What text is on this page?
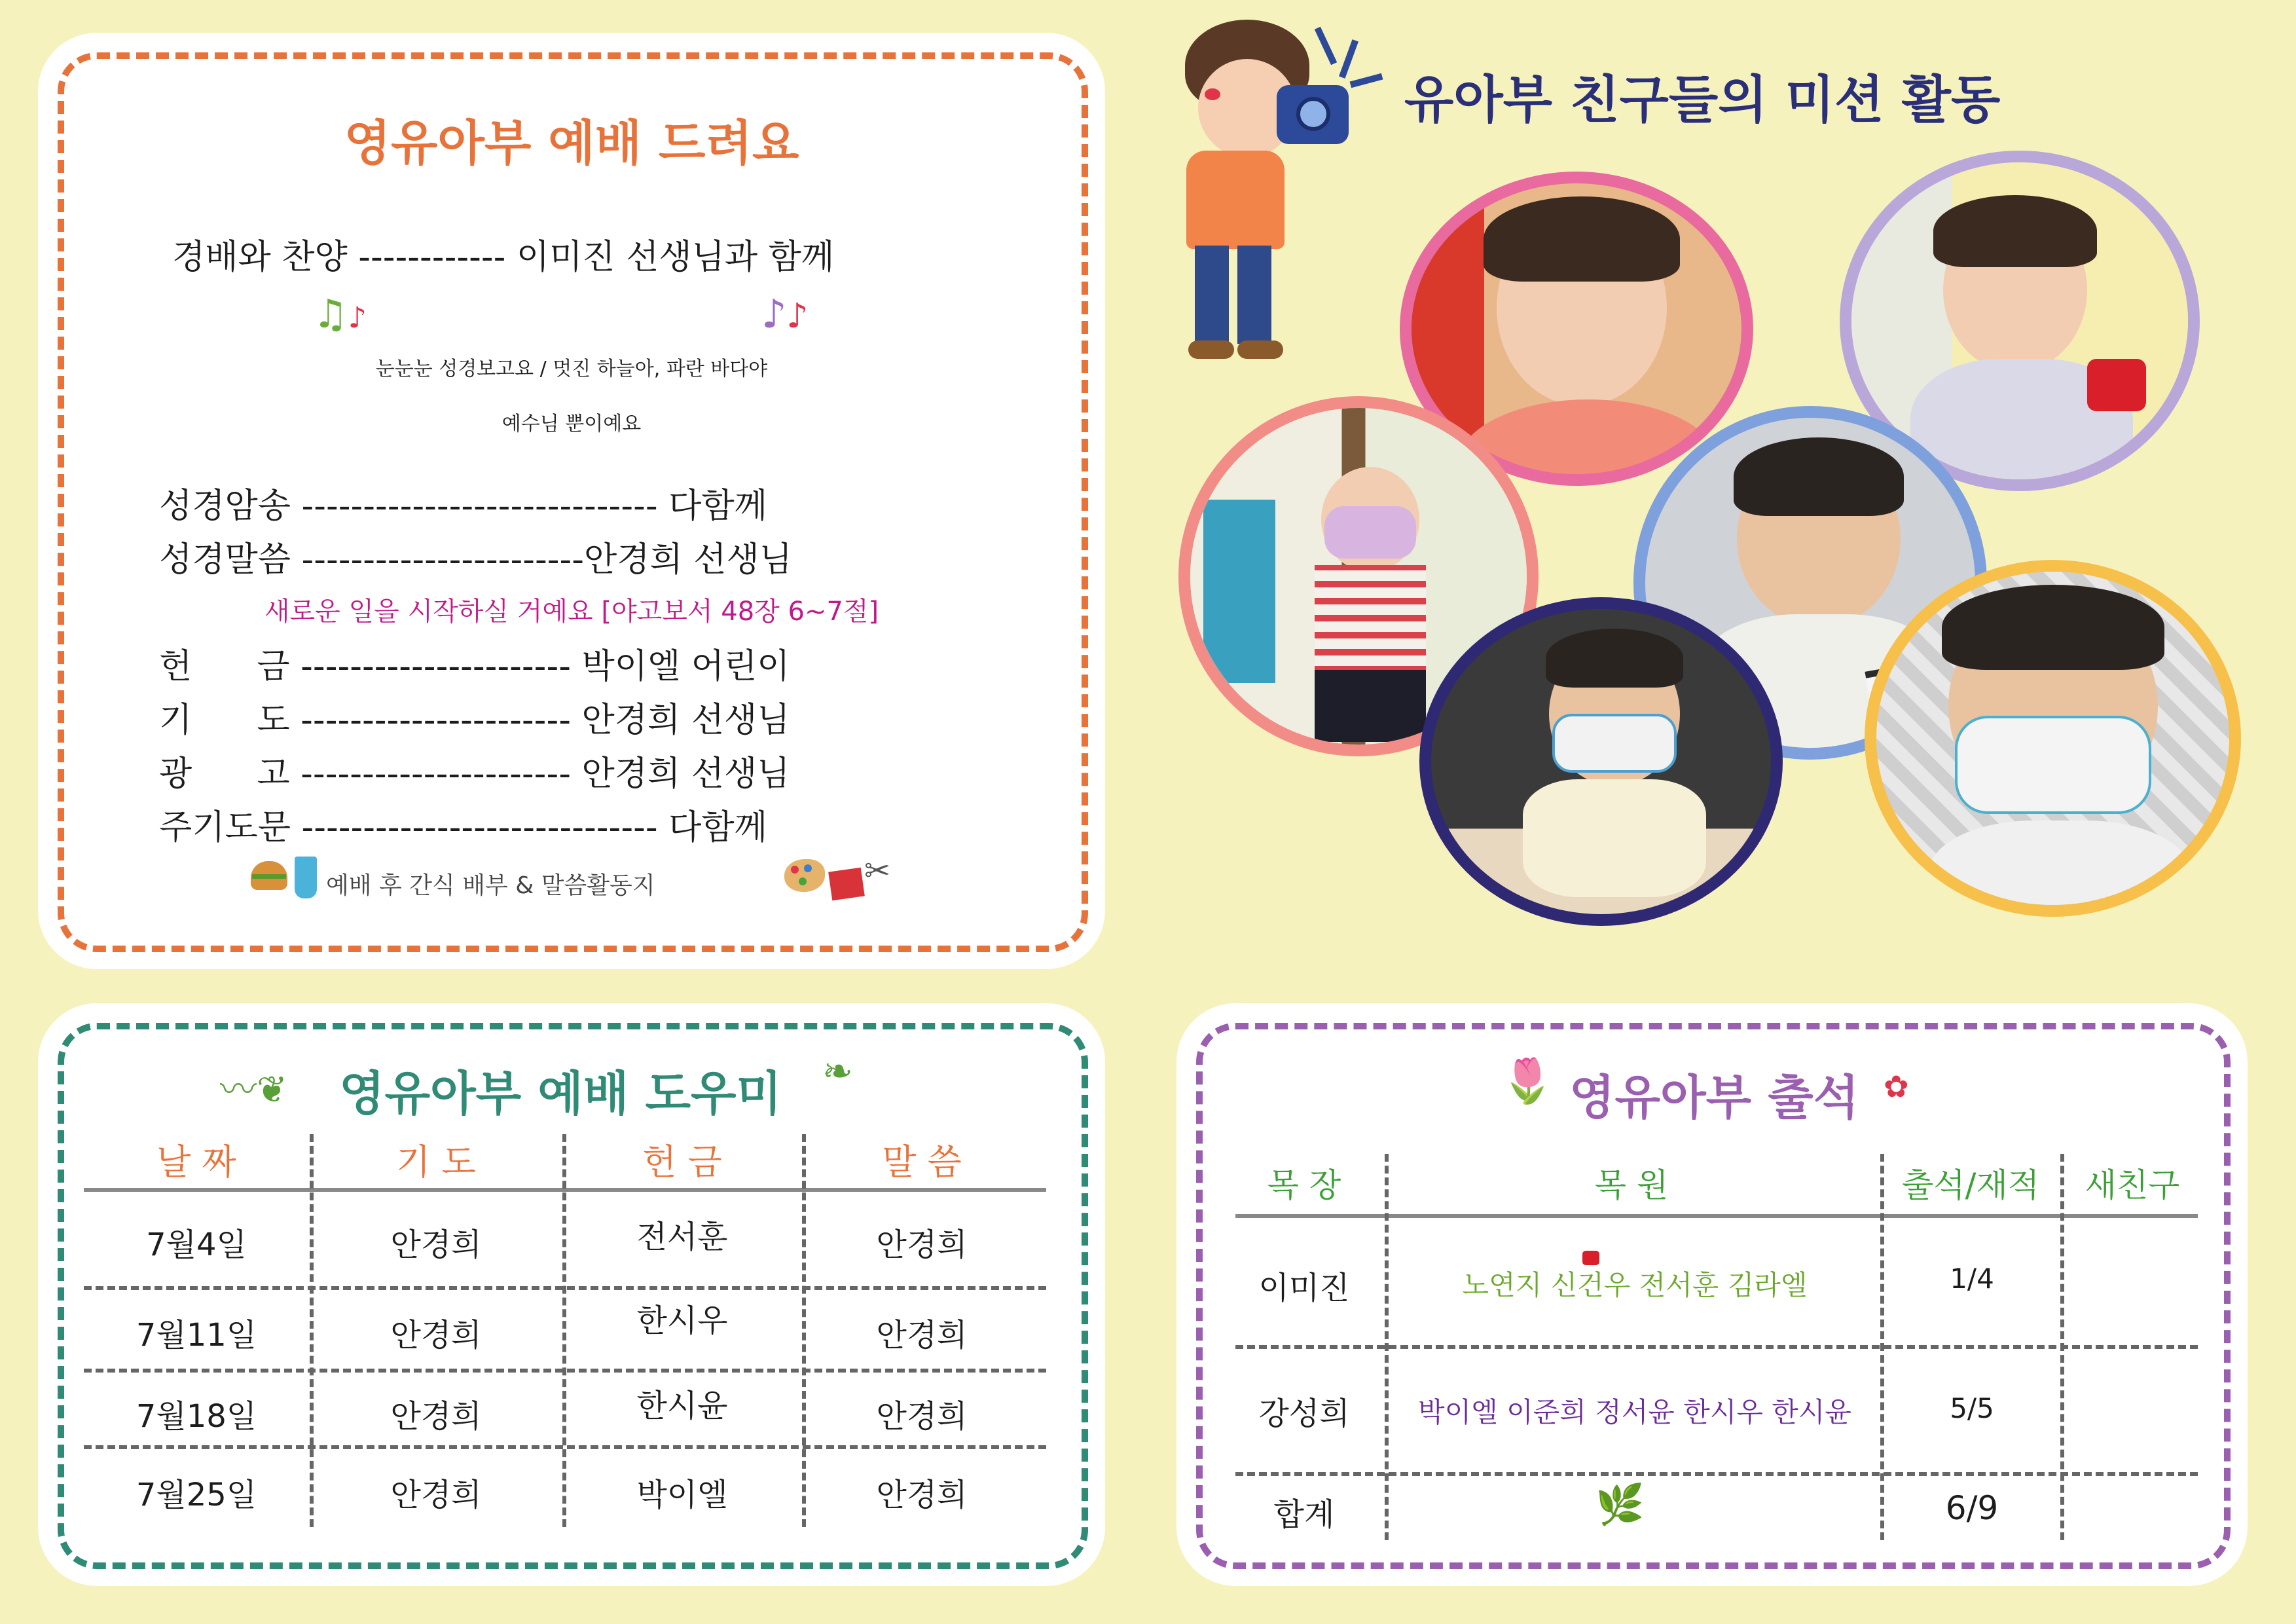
영유아부 예배 드려요
경배와 찬양 ------------ 이미진 선생님과 함께
♫♪	♪♪
눈눈눈 성경보고요 / 멋진 하늘아, 파란 바다야
예수님 뿐이예요
성경암송 ----------------------------- 다함께
성경말씀 -----------------------안경희 선생님
새로운 일을 시작하실 거예요 [야고보서 48장 6~7절]
헌      금 ---------------------- 박이엘 어린이
기      도 ---------------------- 안경희 선생님
광      고 ---------------------- 안경희 선생님
주기도문 ----------------------------- 다함께
예배 후 간식 배부 & 말씀활동지	✂
〰❦ 영유아부 예배 도우미 ❧
날 짜	기 도	헌 금	말 씀
7월4일	안경희	전서훈	안경희
7월11일	안경희	한시우	안경희
7월18일	안경희	한시윤	안경희
7월25일	안경희	박이엘	안경희
유아부 친구들의 미션 활동
🌷 영유아부 출석 ✿
목 장	목 원	출석/재적	새친구
이미진	노연지 신건우 전서훈 김라엘	1/4
강성희	박이엘 이준희 정서윤 한시우 한시윤	5/5
합계	🌿	6/9
